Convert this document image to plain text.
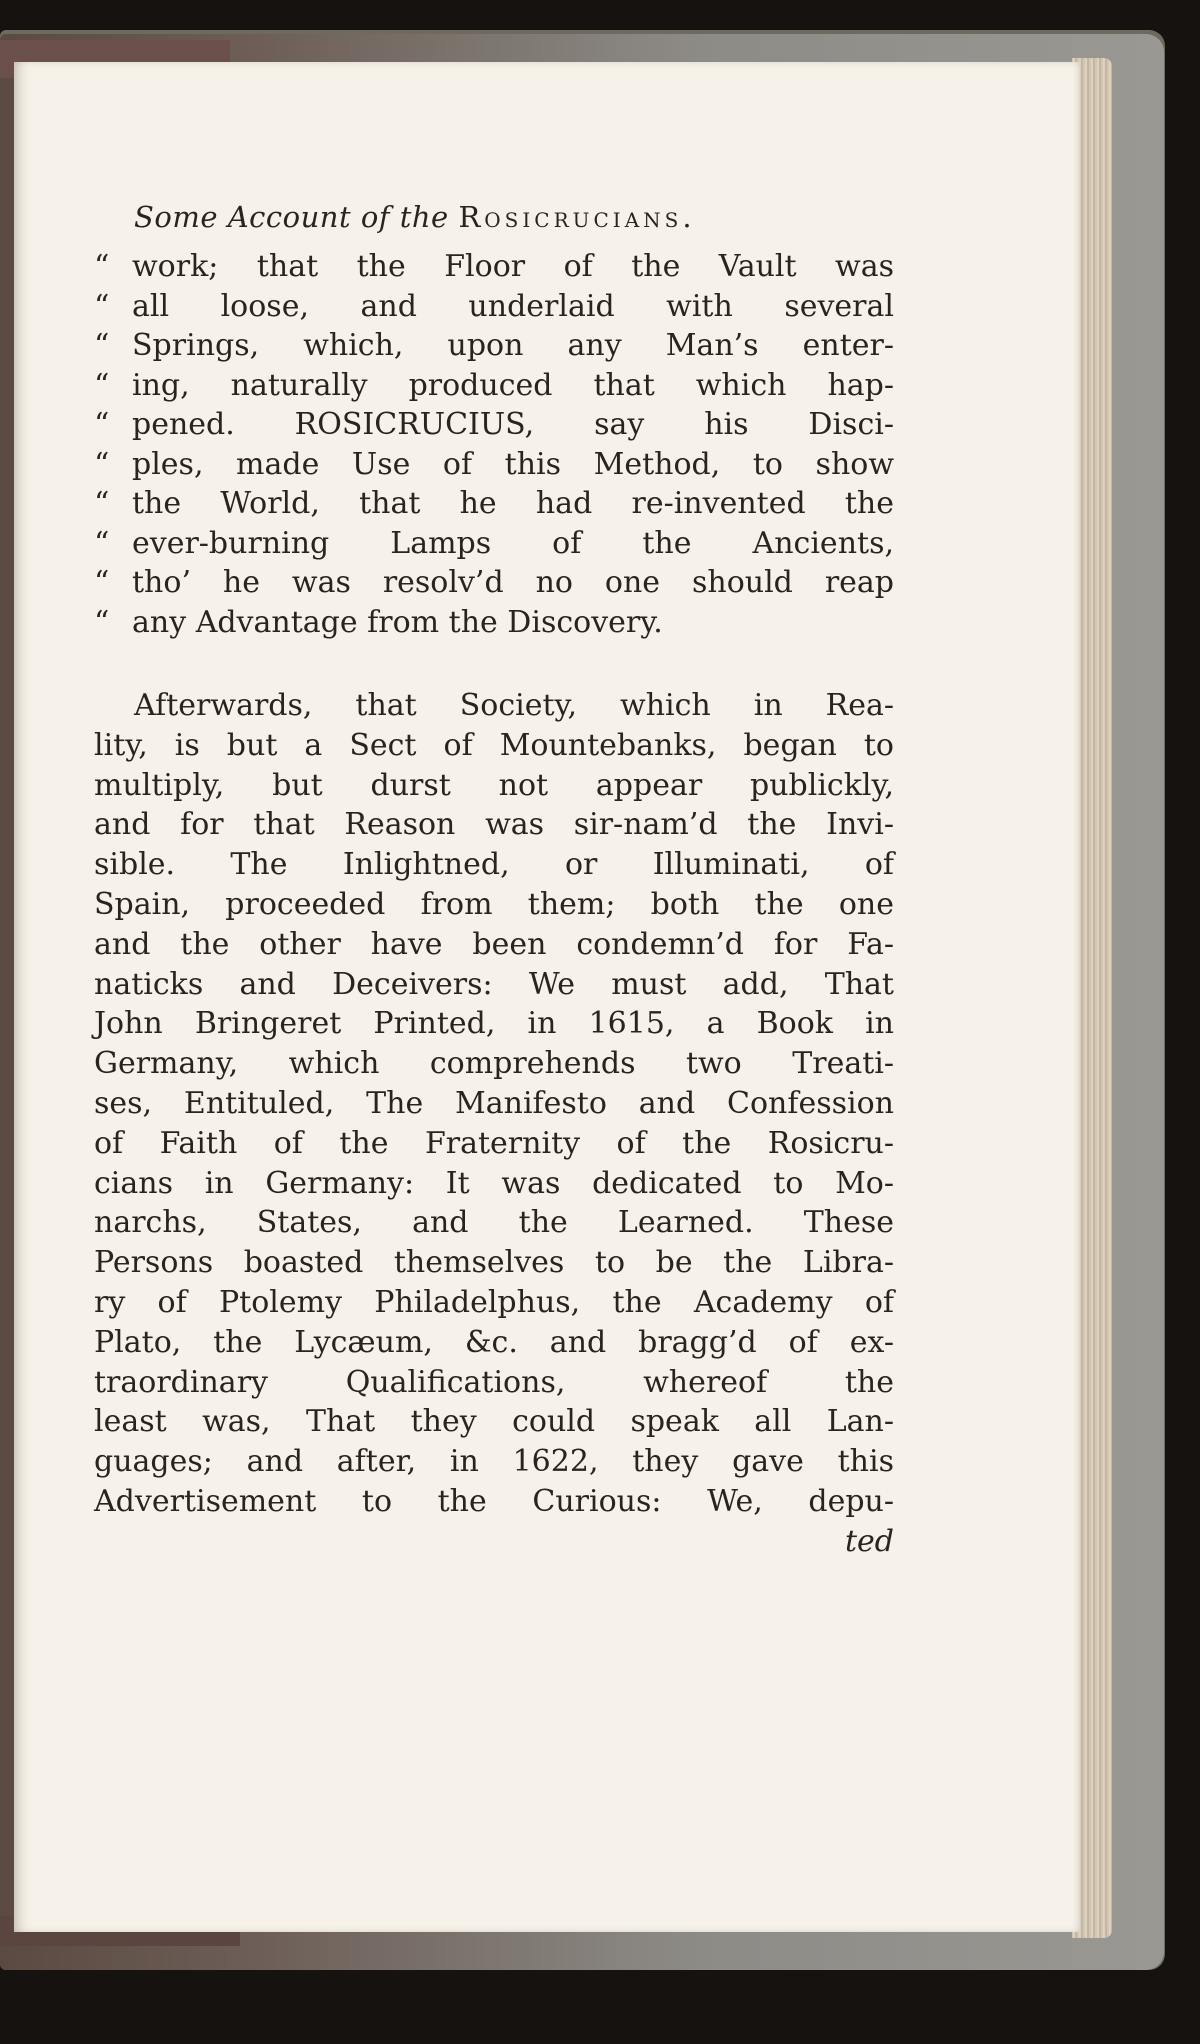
Some Account of the Rosicrucians.
“ work; that the Floor of the Vault was
“ all loose, and underlaid with several
“ Springs, which, upon any Man’s enter-
“ ing, naturally produced that which hap-
“ pened. ROSICRUCIUS, say his Disci-
“ ples, made Use of this Method, to show
“ the World, that he had re-invented the
“ ever-burning Lamps of the Ancients,
“ tho’ he was resolv’d no one should reap
“ any Advantage from the Discovery.
Afterwards, that Society, which in Rea-
lity, is but a Sect of Mountebanks, began to
multiply, but durst not appear publickly,
and for that Reason was sir-nam’d the Invi-
sible. The Inlightned, or Illuminati, of
Spain, proceeded from them; both the one
and the other have been condemn’d for Fa-
naticks and Deceivers: We must add, That
John Bringeret Printed, in 1615, a Book in
Germany, which comprehends two Treati-
ses, Entituled, The Manifesto and Confession
of Faith of the Fraternity of the Rosicru-
cians in Germany: It was dedicated to Mo-
narchs, States, and the Learned. These
Persons boasted themselves to be the Libra-
ry of Ptolemy Philadelphus, the Academy of
Plato, the Lycæum, &c. and bragg’d of ex-
traordinary Qualifications, whereof the
least was, That they could speak all Lan-
guages; and after, in 1622, they gave this
Advertisement to the Curious: We, depu-
ted
